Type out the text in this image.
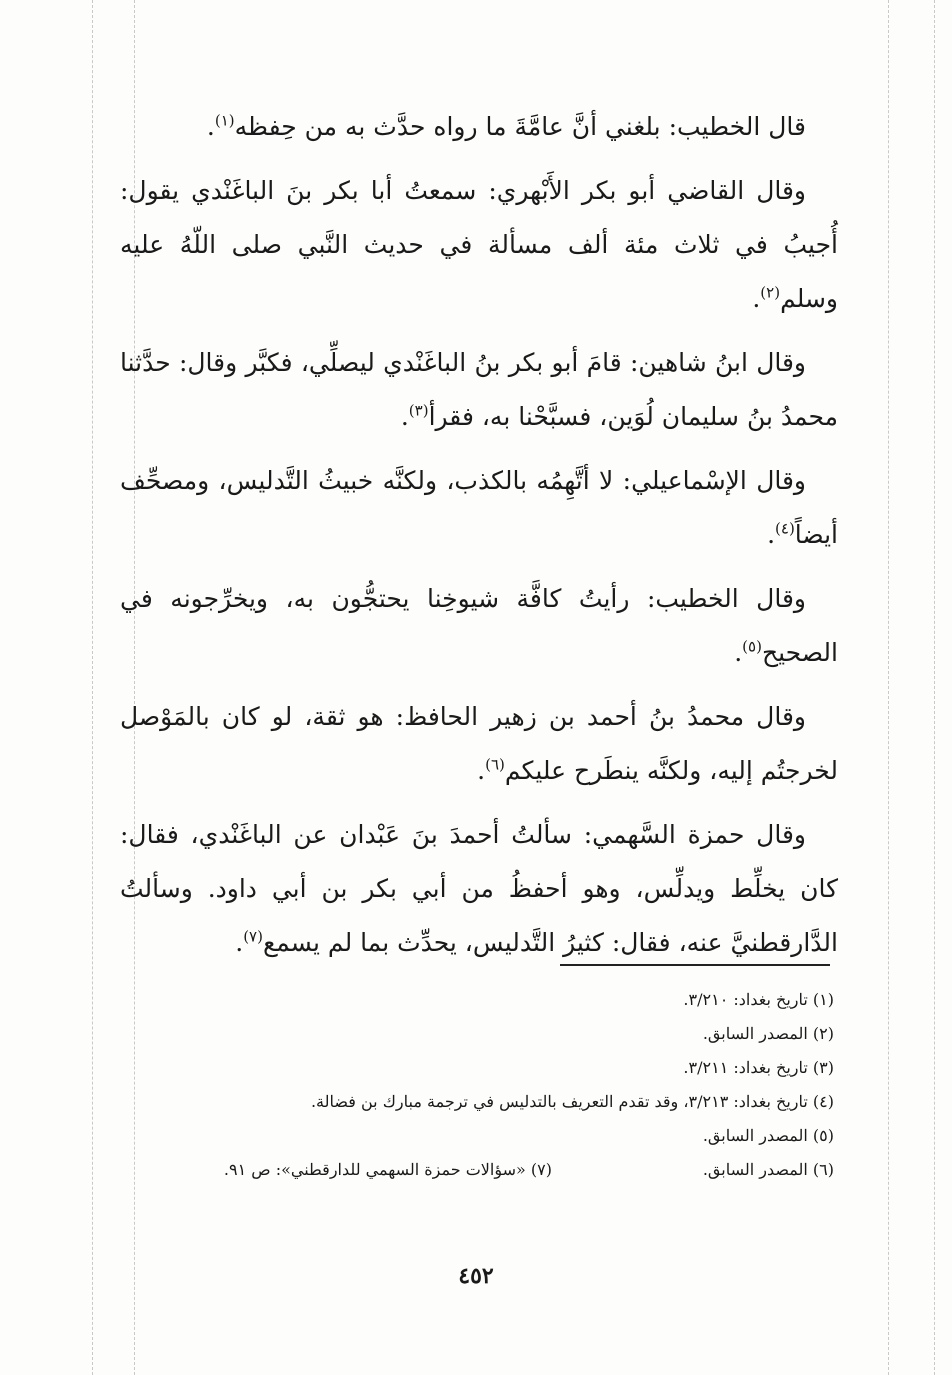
قال الخطيب: بلغني أنَّ عامَّةَ ما رواه حدَّث به من حِفظه$^{(١)}$.

وقال القاضي أبو بكر الأَبْهري: سمعتُ أبا بكر بنَ الباغَنْدي يقول: أُجيبُ في ثلاث مئة ألف مسألة في حديث النَّبي صلى اللّهُ عليه وسلم$^{(٢)}$.

وقال ابنُ شاهين: قامَ أبو بكر بنُ الباغَنْدي ليصلِّي، فكبَّر وقال: حدَّثنا محمدُ بنُ سليمان لُوَين، فسبَّحْنا به، فقرأ$^{(٣)}$.

وقال الإسْماعيلي: لا أتَّهِمُه بالكذب، ولكنَّه خبيثُ التَّدليس، ومصحِّف أيضاً$^{(٤)}$.

وقال الخطيب: رأيتُ كافَّة شيوخِنا يحتجُّون به، ويخرِّجونه في الصحيح$^{(٥)}$.

وقال محمدُ بنُ أحمد بن زهير الحافظ: هو ثقة، لو كان بالمَوْصل لخرجتُم إليه، ولكنَّه ينطَرح عليكم$^{(٦)}$.

وقال حمزة السَّهمي: سألتُ أحمدَ بنَ عَبْدان عن الباغَنْدي، فقال: كان يخلِّط ويدلِّس، وهو أحفظُ من أبي بكر بن أبي داود. وسألتُ الدَّارقطنيَّ عنه، فقال: كثيرُ التَّدليس، يحدِّث بما لم يسمع$^{(٧)}$.

(١) تاريخ بغداد: ٣/٢١٠.
(٢) المصدر السابق.
(٣) تاريخ بغداد: ٣/٢١١.
(٤) تاريخ بغداد: ٣/٢١٣، وقد تقدم التعريف بالتدليس في ترجمة مبارك بن فضالة.
(٥) المصدر السابق.
(٦) المصدر السابق.
(٧) «سؤالات حمزة السهمي للدارقطني»: ص ٩١.
٤٥٢
